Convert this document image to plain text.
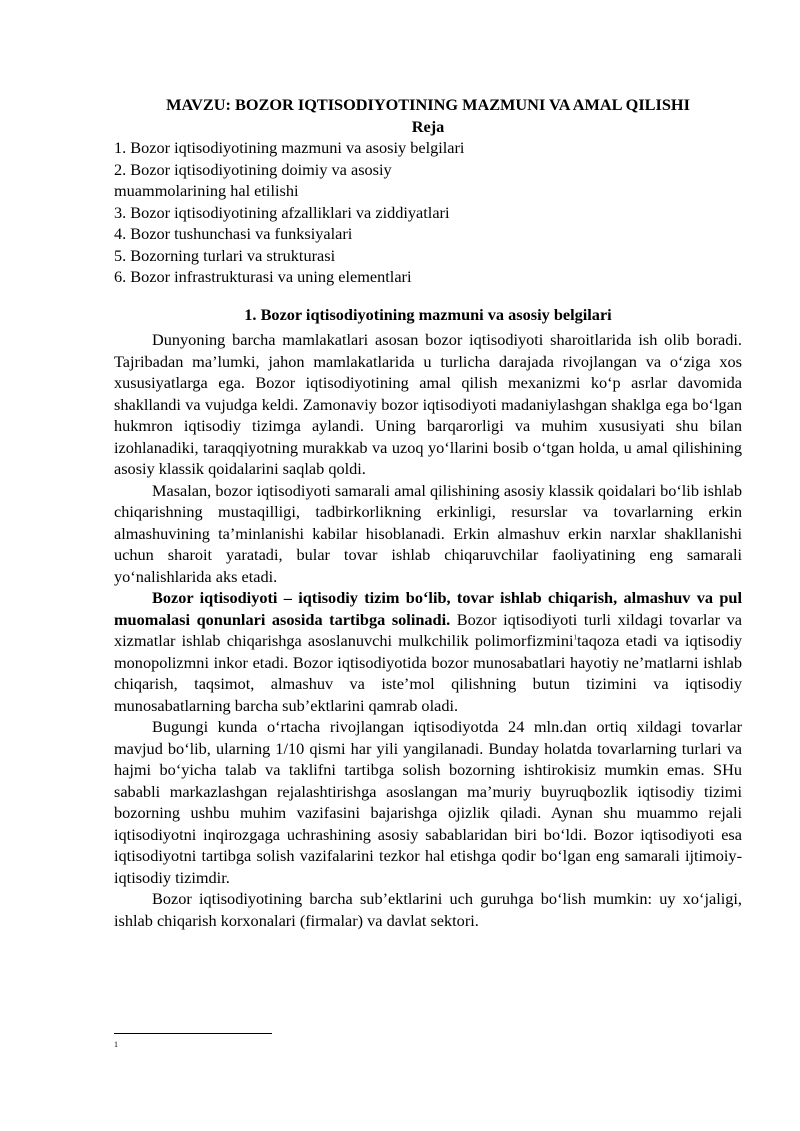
MAVZU: BOZOR IQTISODIYOTINING MAZMUNI VA AMAL QILISHI

Reja

1. Bozor iqtisodiyotining mazmuni va asosiy belgilari
2. Bozor iqtisodiyotining doimiy va asosiy muammolarining hal etilishi
3. Bozor iqtisodiyotining afzalliklari va ziddiyatlari
4. Bozor tushunchasi va funksiyalari
5. Bozorning turlari va strukturasi
6. Bozor infrastrukturasi va uning elementlari

1. Bozor iqtisodiyotining mazmuni va asosiy belgilari

Dunyoning barcha mamlakatlari asosan bozor iqtisodiyoti sharoitlarida ish olib boradi. Tajribadan ma’lumki, jahon mamlakatlarida u turlicha darajada rivojlangan va o‘ziga xos xususiyatlarga ega. Bozor iqtisodiyotining amal qilish mexanizmi ko‘p asrlar davomida shakllandi va vujudga keldi. Zamonaviy bozor iqtisodiyoti madaniylashgan shaklga ega bo‘lgan hukmron iqtisodiy tizimga aylandi. Uning barqarorligi va muhim xususiyati shu bilan izohlanadiki, taraqqiyotning murakkab va uzoq yo‘llarini bosib o‘tgan holda, u amal qilishining asosiy klassik qoidalarini saqlab qoldi.

Masalan, bozor iqtisodiyoti samarali amal qilishining asosiy klassik qoidalari bo‘lib ishlab chiqarishning mustaqilligi, tadbirkorlikning erkinligi, resurslar va tovarlarning erkin almashuvining ta’minlanishi kabilar hisoblanadi. Erkin almashuv erkin narxlar shakllanishi uchun sharoit yaratadi, bular tovar ishlab chiqaruvchilar faoliyatining eng samarali yo‘nalishlarida aks etadi.

Bozor iqtisodiyoti – iqtisodiy tizim bo‘lib, tovar ishlab chiqarish, almashuv va pul muomalasi qonunlari asosida tartibga solinadi. Bozor iqtisodiyoti turli xildagi tovarlar va xizmatlar ishlab chiqarishga asoslanuvchi mulkchilik polimorfizmini$^1$taqoza etadi va iqtisodiy monopolizmni inkor etadi. Bozor iqtisodiyotida bozor munosabatlari hayotiy ne’matlarni ishlab chiqarish, taqsimot, almashuv va iste’mol qilishning butun tizimini va iqtisodiy munosabatlarning barcha sub’ektlarini qamrab oladi.

Bugungi kunda o‘rtacha rivojlangan iqtisodiyotda 24 mln.dan ortiq xildagi tovarlar mavjud bo‘lib, ularning 1/10 qismi har yili yangilanadi. Bunday holatda tovarlarning turlari va hajmi bo‘yicha talab va taklifni tartibga solish bozorning ishtirokisiz mumkin emas. SHu sababli markazlashgan rejalashtirishga asoslangan ma’muriy buyruqbozlik iqtisodiy tizimi bozorning ushbu muhim vazifasini bajarishga ojizlik qiladi. Aynan shu muammo rejali iqtisodiyotni inqirozgaga uchrashining asosiy sabablaridan biri bo‘ldi. Bozor iqtisodiyoti esa iqtisodiyotni tartibga solish vazifalarini tezkor hal etishga qodir bo‘lgan eng samarali ijtimoiy-iqtisodiy tizimdir.

Bozor iqtisodiyotining barcha sub’ektlarini uch guruhga bo‘lish mumkin: uy xo‘jaligi, ishlab chiqarish korxonalari (firmalar) va davlat sektori.

1
